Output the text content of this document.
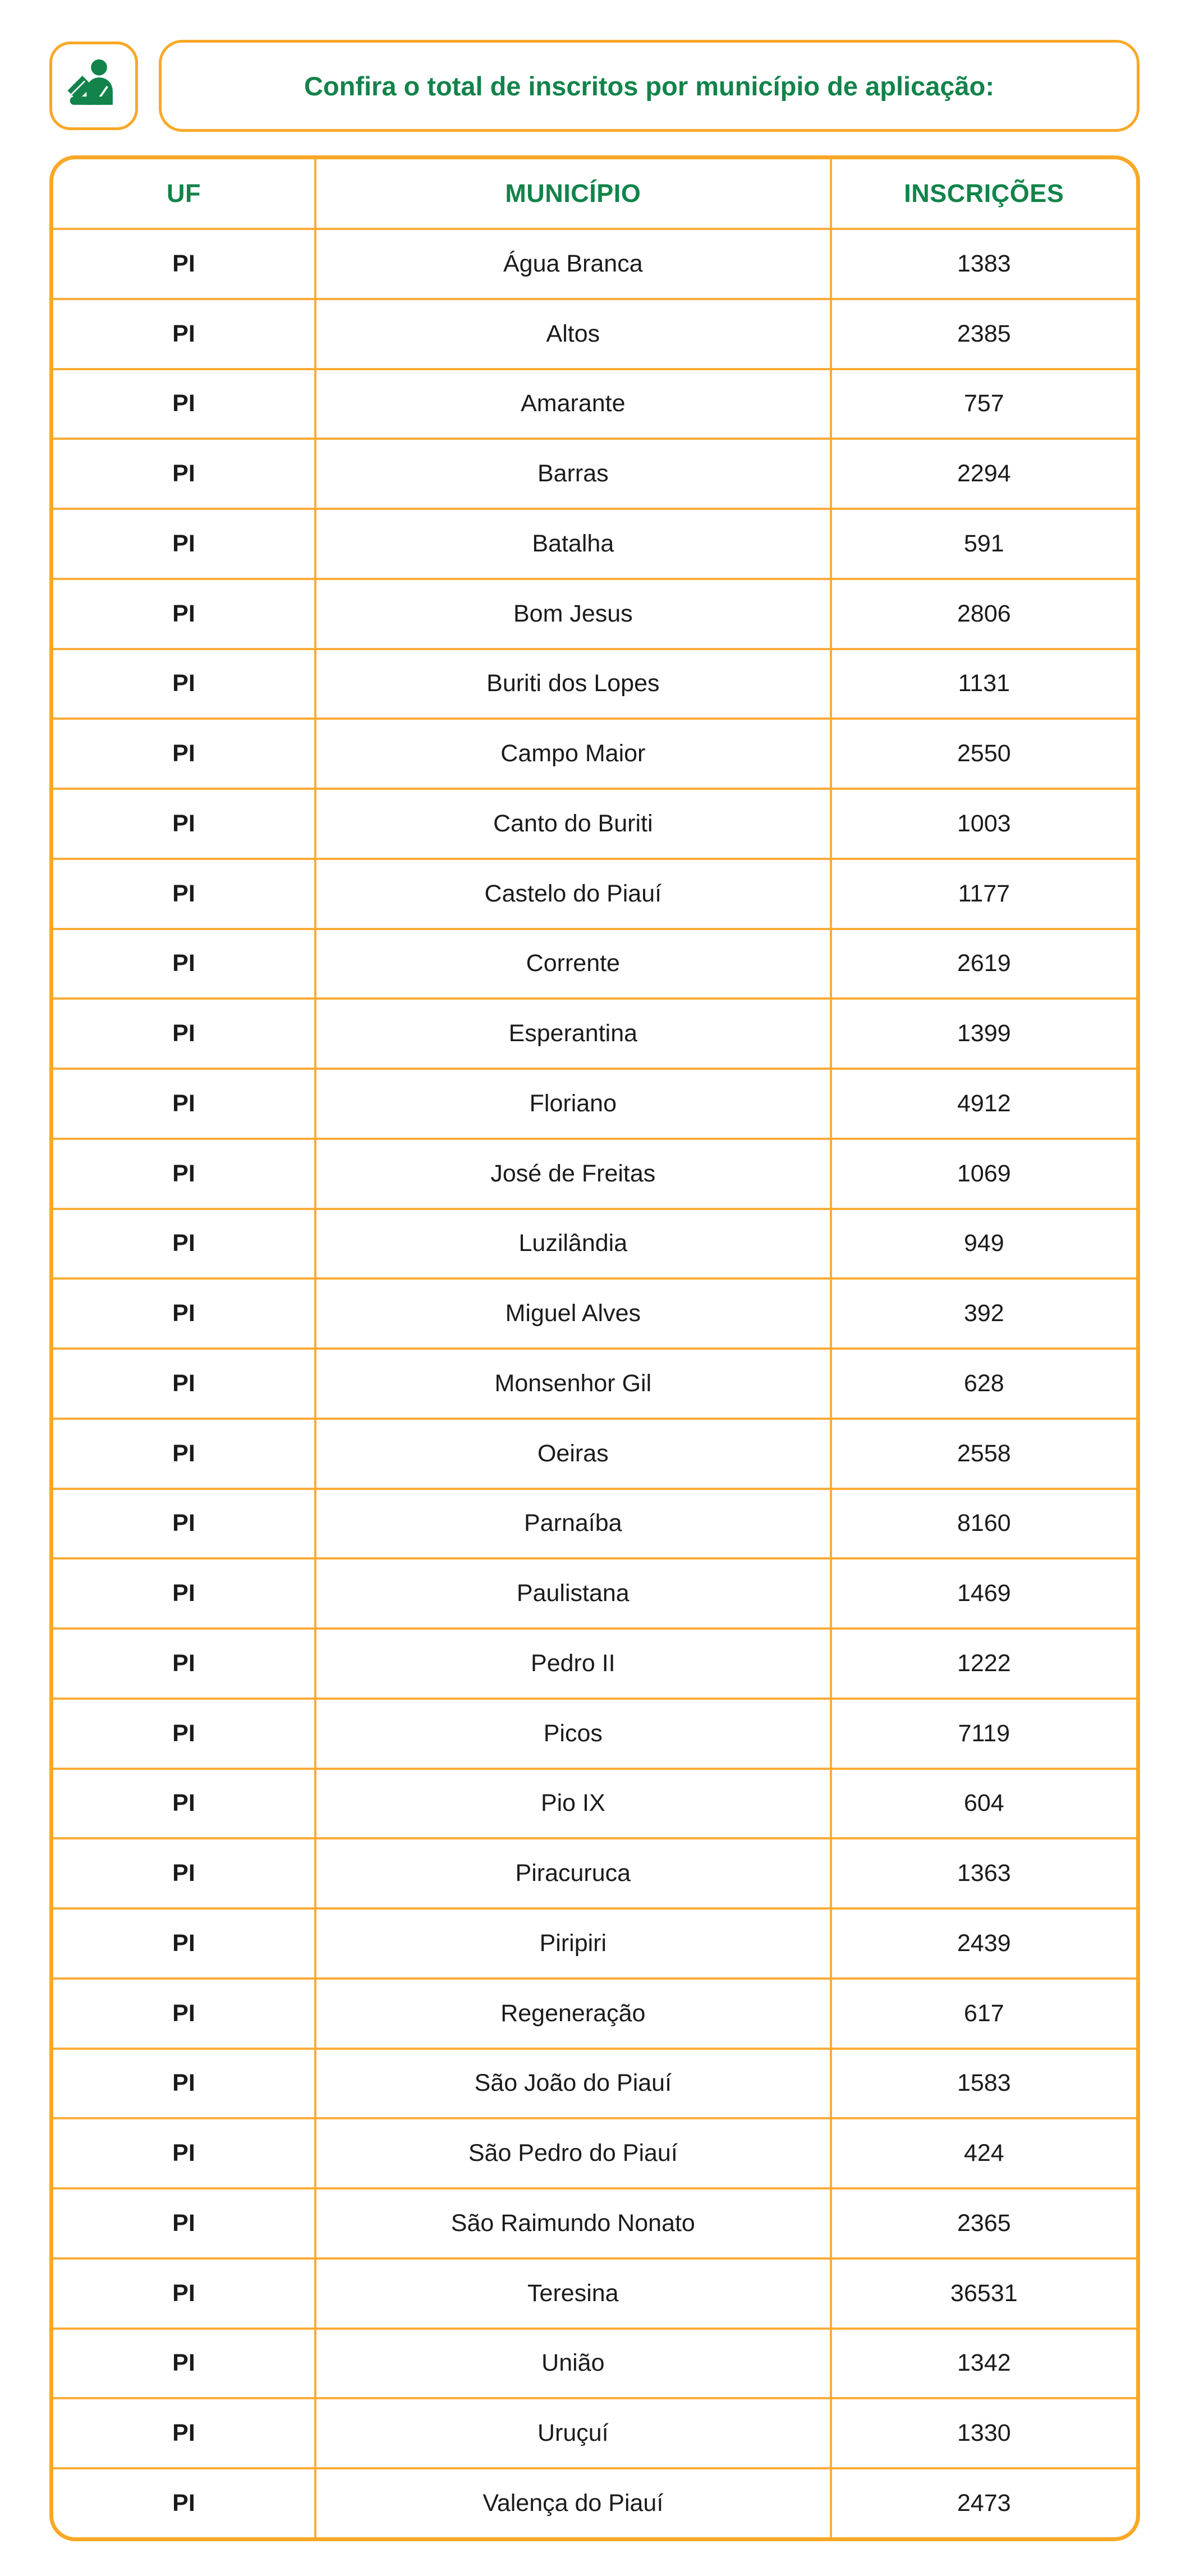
Confira o total de inscritos por município de aplicação:
UF	MUNICÍPIO	INSCRIÇÕES
PI	Água Branca	1383
PI	Altos	2385
PI	Amarante	757
PI	Barras	2294
PI	Batalha	591
PI	Bom Jesus	2806
PI	Buriti dos Lopes	1131
PI	Campo Maior	2550
PI	Canto do Buriti	1003
PI	Castelo do Piauí	1177
PI	Corrente	2619
PI	Esperantina	1399
PI	Floriano	4912
PI	José de Freitas	1069
PI	Luzilândia	949
PI	Miguel Alves	392
PI	Monsenhor Gil	628
PI	Oeiras	2558
PI	Parnaíba	8160
PI	Paulistana	1469
PI	Pedro II	1222
PI	Picos	7119
PI	Pio IX	604
PI	Piracuruca	1363
PI	Piripiri	2439
PI	Regeneração	617
PI	São João do Piauí	1583
PI	São Pedro do Piauí	424
PI	São Raimundo Nonato	2365
PI	Teresina	36531
PI	União	1342
PI	Uruçuí	1330
PI	Valença do Piauí	2473
